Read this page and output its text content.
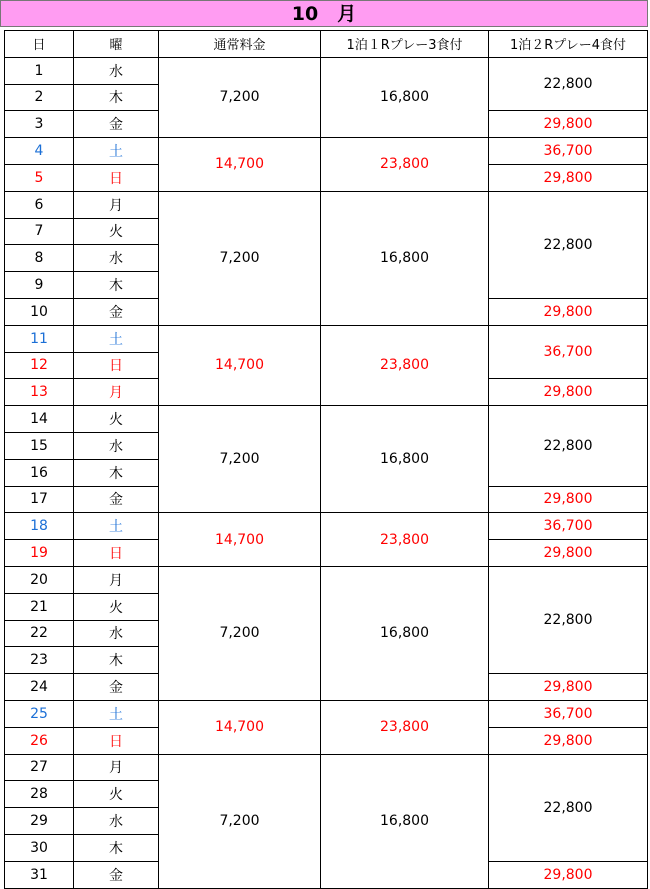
10　月
日	曜	通常料金	1泊１Rプレー3食付	1泊２Rプレー4食付
1	水	7,200	16,800	22,800
2	木			
3	金			29,800
4	土	14,700	23,800	36,700
5	日			29,800
6	月	7,200	16,800	22,800
7	火			
8	水			
9	木			
10	金			29,800
11	土	14,700	23,800	36,700
12	日			
13	月			29,800
14	火	7,200	16,800	22,800
15	水			
16	木			
17	金			29,800
18	土	14,700	23,800	36,700
19	日			29,800
20	月	7,200	16,800	22,800
21	火			
22	水			
23	木			
24	金			29,800
25	土	14,700	23,800	36,700
26	日			29,800
27	月	7,200	16,800	22,800
28	火			
29	水			
30	木			
31	金			29,800
